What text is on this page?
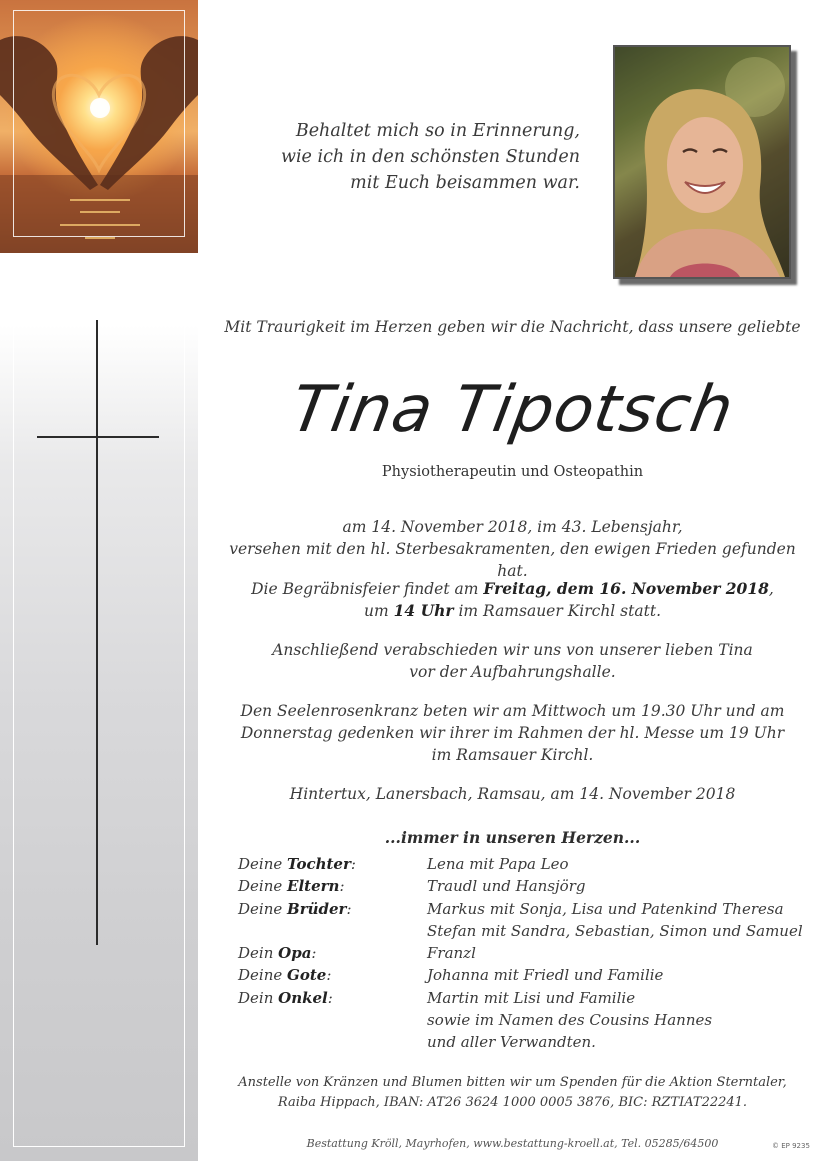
Behaltet mich so in Erinnerung,
wie ich in den schönsten Stunden
mit Euch beisammen war.
Mit Traurigkeit im Herzen geben wir die Nachricht, dass unsere geliebte
Tina Tipotsch
Physiotherapeutin und Osteopathin
am 14. November 2018, im 43. Lebensjahr,
versehen mit den hl. Sterbesakramenten, den ewigen Frieden gefunden hat.
Die Begräbnisfeier findet am Freitag, dem 16. November 2018,
um 14 Uhr im Ramsauer Kirchl statt.
Anschließend verabschieden wir uns von unserer lieben Tina
vor der Aufbahrungshalle.
Den Seelenrosenkranz beten wir am Mittwoch um 19.30 Uhr und am
Donnerstag gedenken wir ihrer im Rahmen der hl. Messe um 19 Uhr
im Ramsauer Kirchl.
Hintertux, Lanersbach, Ramsau, am 14. November 2018
...immer in unseren Herzen...
Deine Tochter:	Lena mit Papa Leo
Deine Eltern:	Traudl und Hansjörg
Deine Brüder:	Markus mit Sonja, Lisa und Patenkind Theresa
Stefan mit Sandra, Sebastian, Simon und Samuel
Dein Opa:	Franzl
Deine Gote:	Johanna mit Friedl und Familie
Dein Onkel:	Martin mit Lisi und Familie
sowie im Namen des Cousins Hannes
und aller Verwandten.
Anstelle von Kränzen und Blumen bitten wir um Spenden für die Aktion Sterntaler,
Raiba Hippach, IBAN: AT26 3624 1000 0005 3876, BIC: RZTIAT22241.
Bestattung Kröll, Mayrhofen, www.bestattung-kroell.at, Tel. 05285/64500	© EP 9235
